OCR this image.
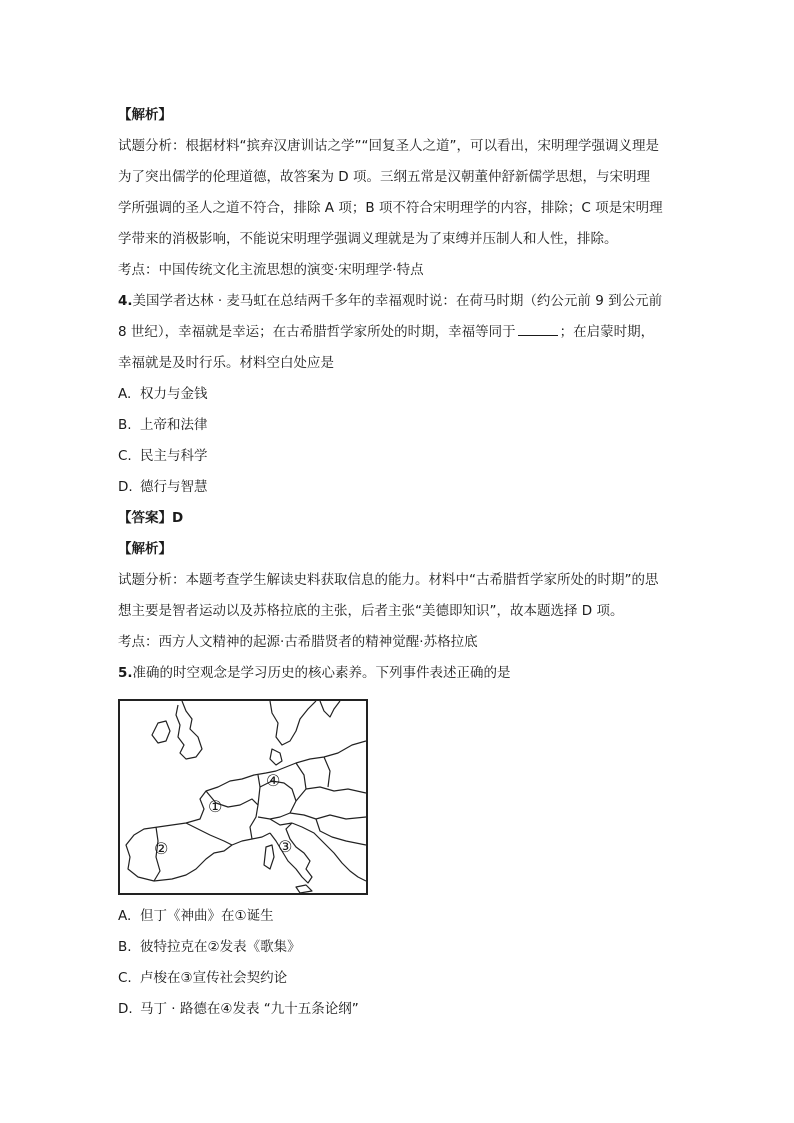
【解析】
试题分析：根据材料“摈弃汉唐训诂之学”“回复圣人之道”，可以看出，宋明理学强调义理是
为了突出儒学的伦理道德，故答案为 D 项。三纲五常是汉朝董仲舒新儒学思想，与宋明理
学所强调的圣人之道不符合，排除 A 项；B 项不符合宋明理学的内容，排除；C 项是宋明理
学带来的消极影响，不能说宋明理学强调义理就是为了束缚并压制人和人性，排除。
考点：中国传统文化主流思想的演变·宋明理学·特点
4.美国学者达林 · 麦马虹在总结两千多年的幸福观时说：在荷马时期（约公元前 9 到公元前
8 世纪），幸福就是幸运；在古希腊哲学家所处的时期，幸福等同于	；在启蒙时期，
幸福就是及时行乐。材料空白处应是
A. 权力与金钱
B. 上帝和法律
C. 民主与科学
D. 德行与智慧
【答案】D
【解析】
试题分析：本题考查学生解读史料获取信息的能力。材料中“古希腊哲学家所处的时期”的思
想主要是智者运动以及苏格拉底的主张，后者主张“美德即知识”，故本题选择 D 项。
考点：西方人文精神的起源·古希腊贤者的精神觉醒·苏格拉底
5.准确的时空观念是学习历史的核心素养。下列事件表述正确的是
①
②	③
④
A. 但丁《神曲》在①诞生
B. 彼特拉克在②发表《歌集》
C. 卢梭在③宣传社会契约论
D. 马丁 · 路德在④发表 “九十五条论纲”
